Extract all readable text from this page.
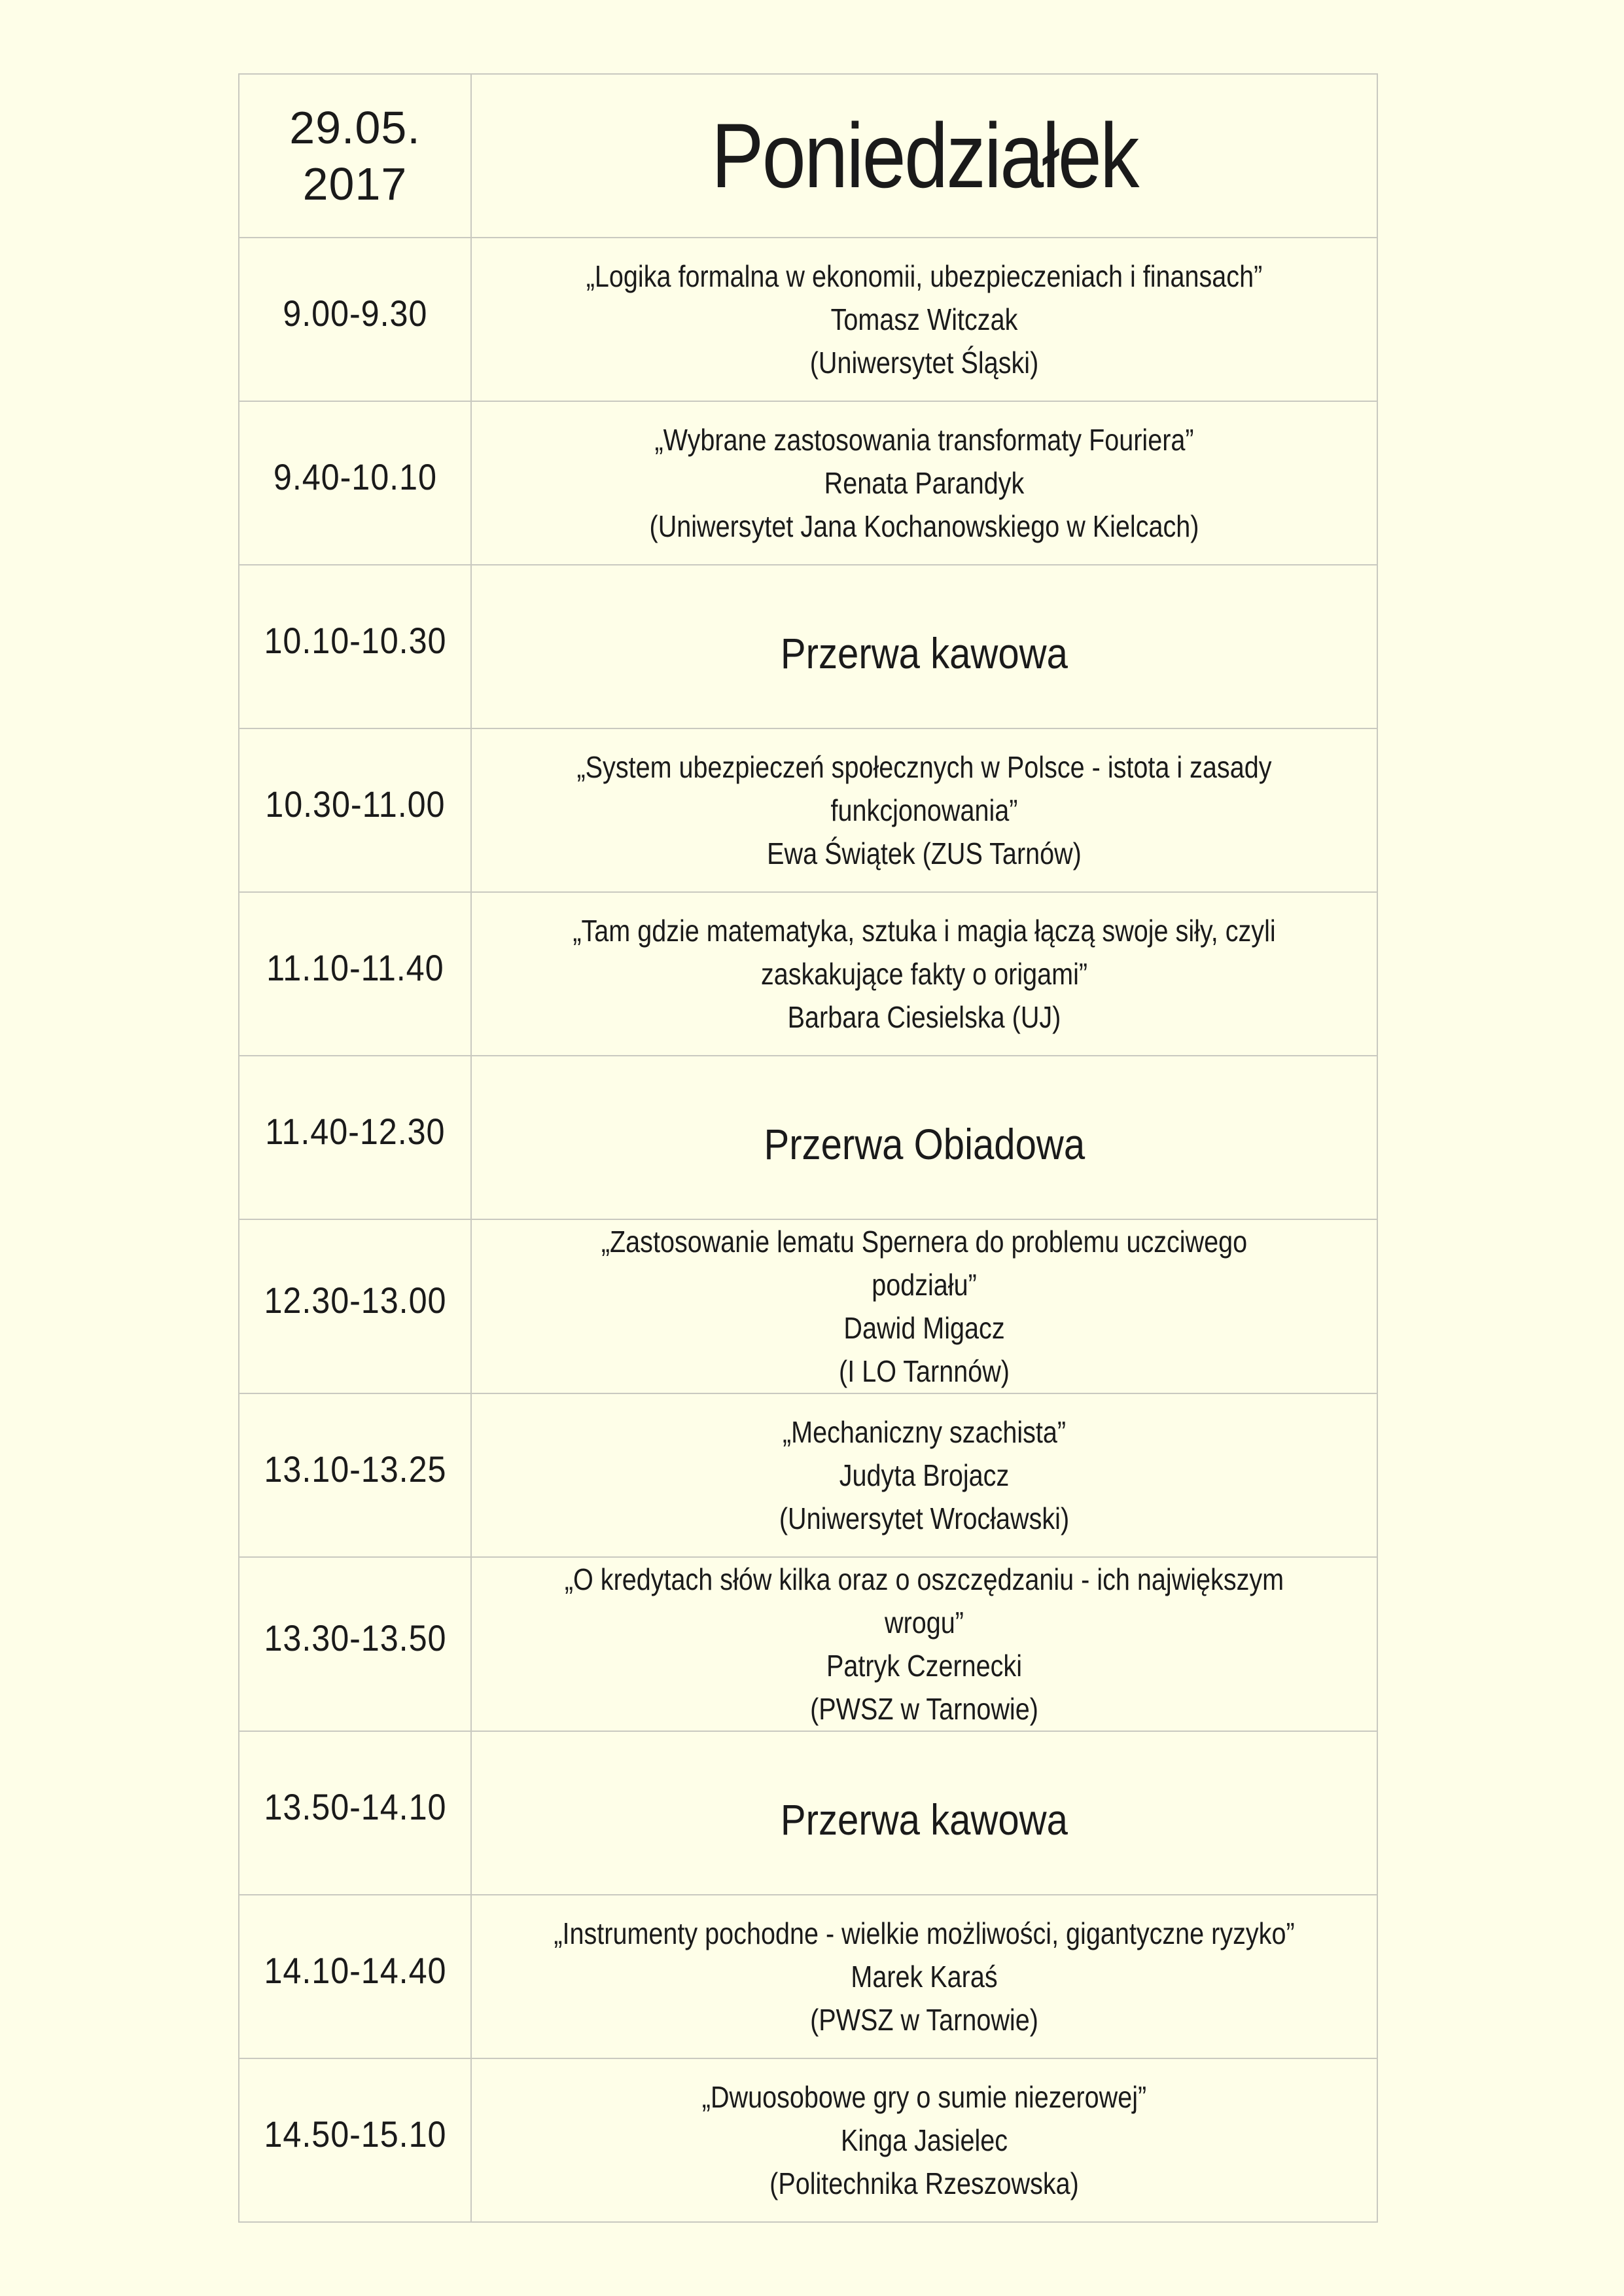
29.05.
2017	Poniedziałek
9.00-9.30	„Logika formalna w ekonomii, ubezpieczeniach i finansach”
Tomasz Witczak
(Uniwersytet Śląski)

9.40-10.10	„Wybrane zastosowania transformaty Fouriera”
Renata Parandyk
(Uniwersytet Jana Kochanowskiego w Kielcach)

10.10-10.30	Przerwa kawowa
10.30-11.00	„System ubezpieczeń społecznych w Polsce - istota i zasady
funkcjonowania”
Ewa Świątek (ZUS Tarnów)

11.10-11.40	„Tam gdzie matematyka, sztuka i magia łączą swoje siły, czyli
zaskakujące fakty o origami”
Barbara Ciesielska (UJ)

11.40-12.30	Przerwa Obiadowa
12.30-13.00	„Zastosowanie lematu Spernera do problemu uczciwego podziału”
Dawid Migacz
(I LO Tarnnów)

13.10-13.25	„Mechaniczny szachista”
Judyta Brojacz
(Uniwersytet Wrocławski)

13.30-13.50	„O kredytach słów kilka oraz o oszczędzaniu - ich największym wrogu”
Patryk Czernecki
(PWSZ w Tarnowie)

13.50-14.10	Przerwa kawowa
14.10-14.40	„Instrumenty pochodne - wielkie możliwości, gigantyczne ryzyko”
Marek Karaś
(PWSZ w Tarnowie)

14.50-15.10	„Dwuosobowe gry o sumie niezerowej”
Kinga Jasielec
(Politechnika Rzeszowska)
